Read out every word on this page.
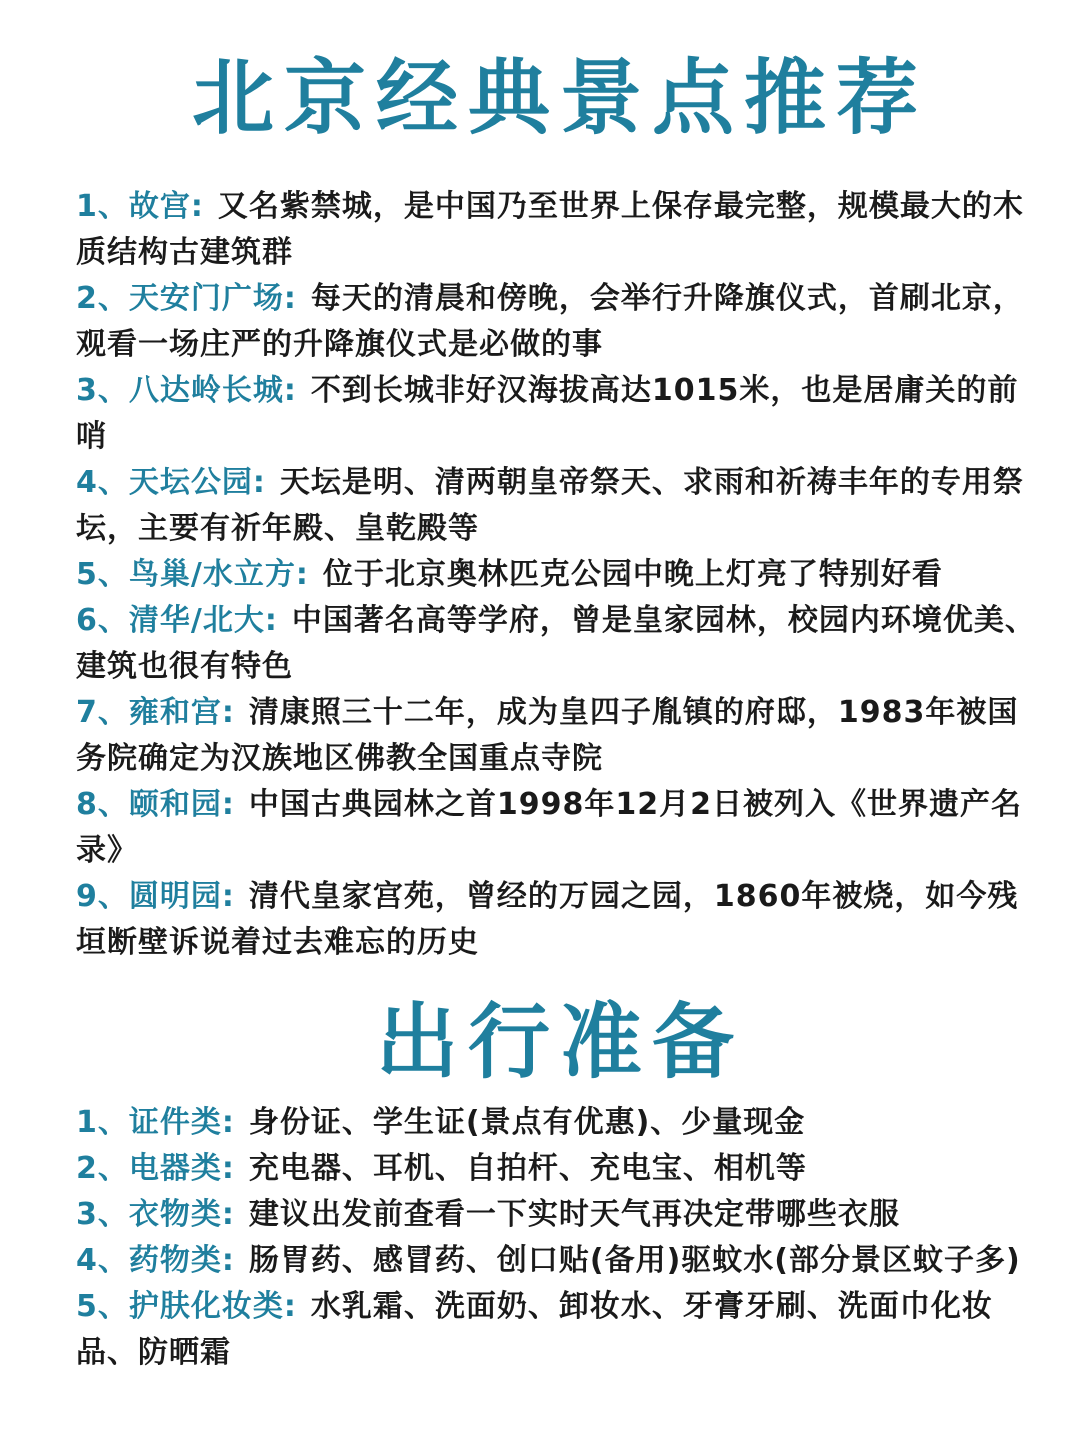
北京经典景点推荐
1、故宫: 又名紫禁城，是中国乃至世界上保存最完整，规模最大的木质结构古建筑群
2、天安门广场: 每天的清晨和傍晚，会举行升降旗仪式，首刷北京，观看一场庄严的升降旗仪式是必做的事
3、八达岭长城: 不到长城非好汉海拔高达1015米，也是居庸关的前哨
4、天坛公园: 天坛是明、清两朝皇帝祭天、求雨和祈祷丰年的专用祭坛，主要有祈年殿、皇乾殿等
5、鸟巢/水立方: 位于北京奥林匹克公园中晚上灯亮了特别好看
6、清华/北大: 中国著名高等学府，曾是皇家园林，校园内环境优美、建筑也很有特色
7、雍和宫: 清康照三十二年，成为皇四子胤镇的府邸，1983年被国务院确定为汉族地区佛教全国重点寺院
8、颐和园: 中国古典园林之首1998年12月2日被列入《世界遗产名录》
9、圆明园: 清代皇家宫苑，曾经的万园之园，1860年被烧，如今残垣断壁诉说着过去难忘的历史
出行准备
1、证件类: 身份证、学生证(景点有优惠)、少量现金
2、电器类: 充电器、耳机、自拍杆、充电宝、相机等
3、衣物类: 建议出发前查看一下实时天气再决定带哪些衣服
4、药物类: 肠胃药、感冒药、创口贴(备用)驱蚊水(部分景区蚊子多)
5、护肤化妆类: 水乳霜、洗面奶、卸妆水、牙膏牙刷、洗面巾化妆品、防晒霜
